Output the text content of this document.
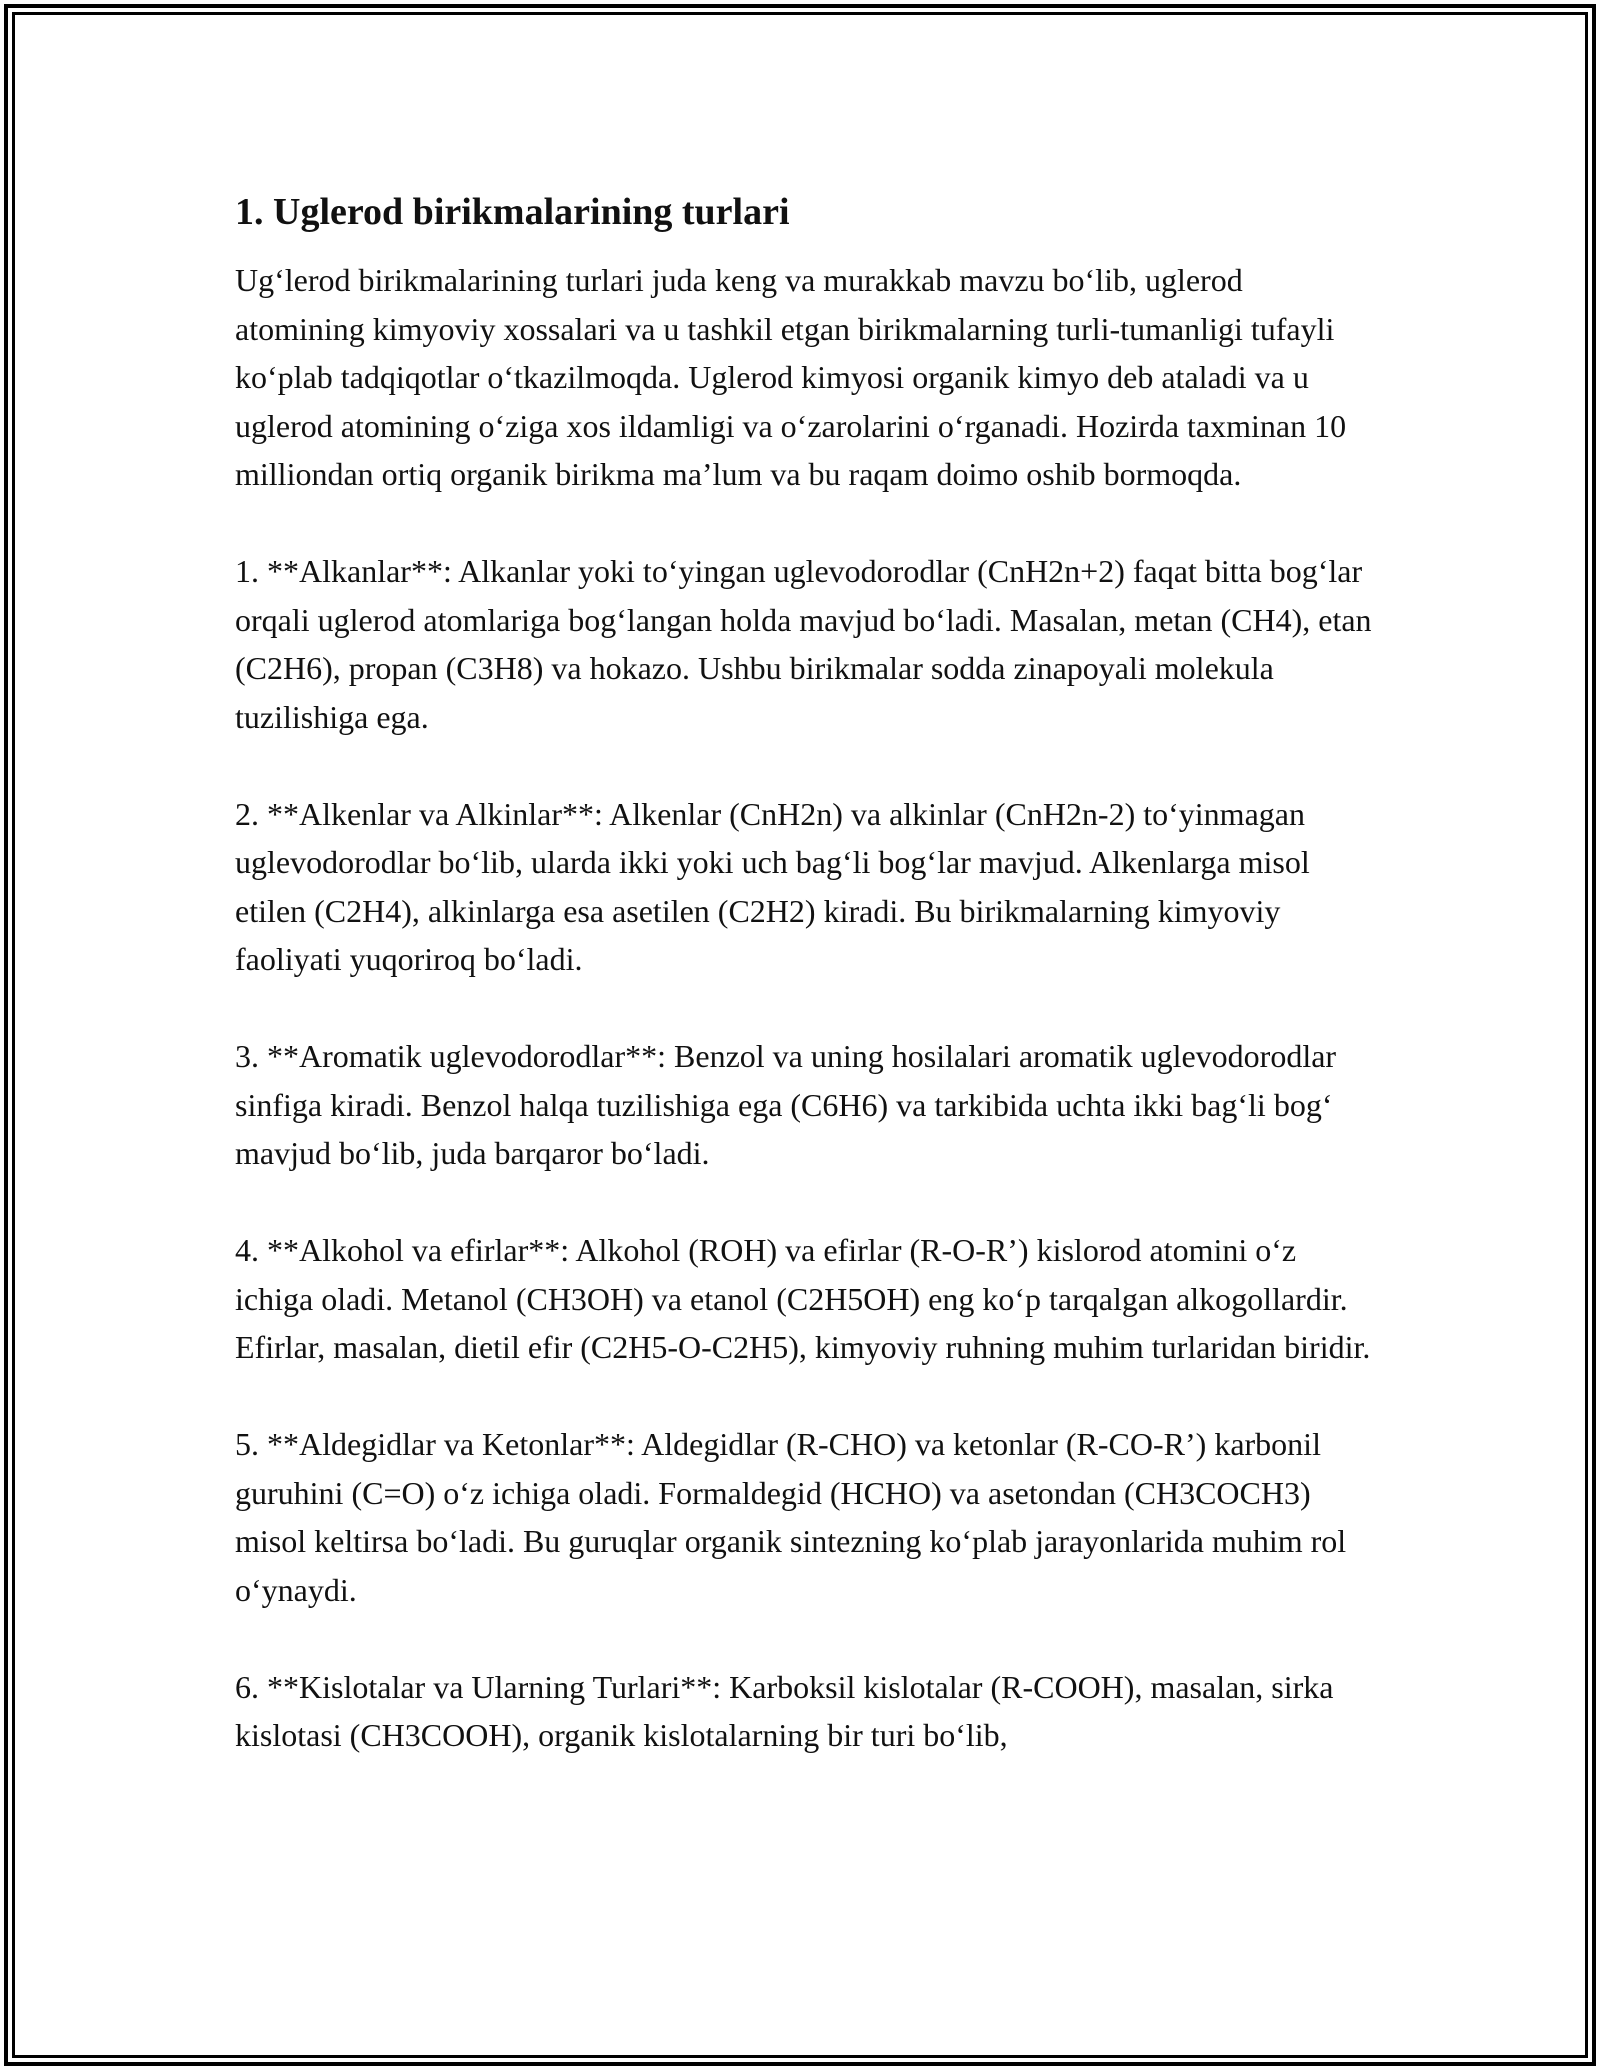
1. Uglerod birikmalarining turlari

Ug‘lerod birikmalarining turlari juda keng va murakkab mavzu bo‘lib, uglerod atomining kimyoviy xossalari va u tashkil etgan birikmalarning turli-tumanligi tufayli ko‘plab tadqiqotlar o‘tkazilmoqda. Uglerod kimyosi organik kimyo deb ataladi va u uglerod atomining o‘ziga xos ildamligi va o‘zarolarini o‘rganadi. Hozirda taxminan 10 milliondan ortiq organik birikma ma’lum va bu raqam doimo oshib bormoqda.

1. **Alkanlar**: Alkanlar yoki to‘yingan uglevodorodlar (CnH2n+2) faqat bitta bog‘lar orqali uglerod atomlariga bog‘langan holda mavjud bo‘ladi. Masalan, metan (CH4), etan (C2H6), propan (C3H8) va hokazo. Ushbu birikmalar sodda zinapoyali molekula tuzilishiga ega.

2. **Alkenlar va Alkinlar**: Alkenlar (CnH2n) va alkinlar (CnH2n-2) to‘yinmagan uglevodorodlar bo‘lib, ularda ikki yoki uch bag‘li bog‘lar mavjud. Alkenlarga misol etilen (C2H4), alkinlarga esa asetilen (C2H2) kiradi. Bu birikmalarning kimyoviy faoliyati yuqoriroq bo‘ladi.

3. **Aromatik uglevodorodlar**: Benzol va uning hosilalari aromatik uglevodorodlar sinfiga kiradi. Benzol halqa tuzilishiga ega (C6H6) va tarkibida uchta ikki bag‘li bog‘ mavjud bo‘lib, juda barqaror bo‘ladi.

4. **Alkohol va efirlar**: Alkohol (ROH) va efirlar (R-O-R’) kislorod atomini o‘z ichiga oladi. Metanol (CH3OH) va etanol (C2H5OH) eng ko‘p tarqalgan alkogollardir. Efirlar, masalan, dietil efir (C2H5-O-C2H5), kimyoviy ruhning muhim turlaridan biridir.

5. **Aldegidlar va Ketonlar**: Aldegidlar (R-CHO) va ketonlar (R-CO-R’) karbonil guruhini (C=O) o‘z ichiga oladi. Formaldegid (HCHO) va asetondan (CH3COCH3) misol keltirsa bo‘ladi. Bu guruqlar organik sintezning ko‘plab jarayonlarida muhim rol o‘ynaydi.

6. **Kislotalar va Ularning Turlari**: Karboksil kislotalar (R-COOH), masalan, sirka kislotasi (CH3COOH), organik kislotalarning bir turi bo‘lib,
